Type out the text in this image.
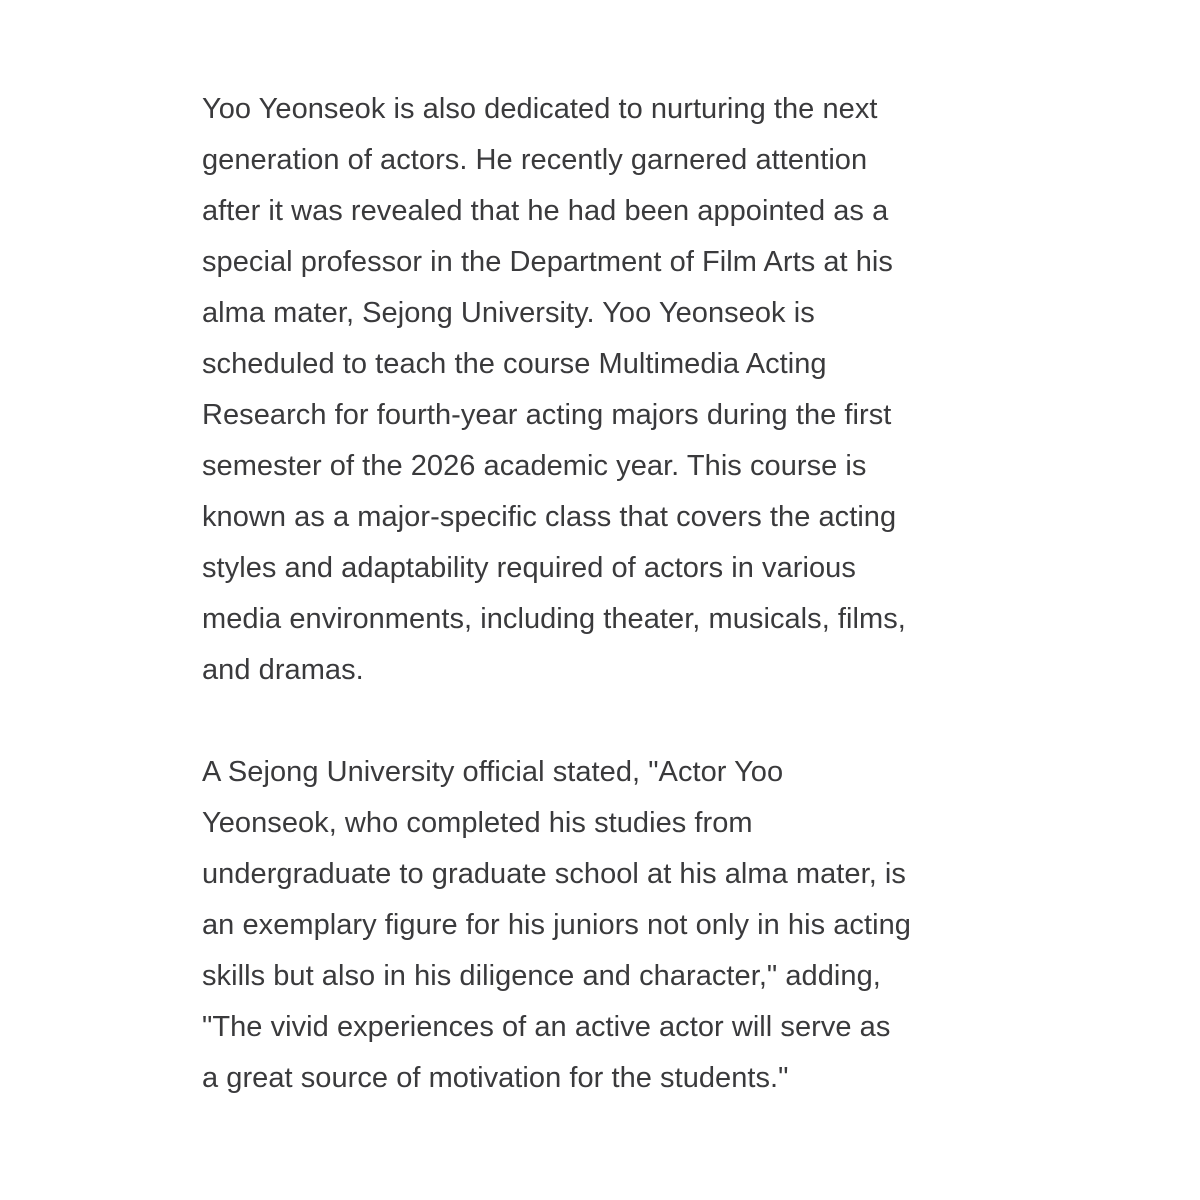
Yoo Yeonseok is also dedicated to nurturing the next
generation of actors. He recently garnered attention
after it was revealed that he had been appointed as a
special professor in the Department of Film Arts at his
alma mater, Sejong University. Yoo Yeonseok is
scheduled to teach the course Multimedia Acting
Research for fourth-year acting majors during the first
semester of the 2026 academic year. This course is
known as a major-specific class that covers the acting
styles and adaptability required of actors in various
media environments, including theater, musicals, films,
and dramas.

A Sejong University official stated, "Actor Yoo
Yeonseok, who completed his studies from
undergraduate to graduate school at his alma mater, is
an exemplary figure for his juniors not only in his acting
skills but also in his diligence and character," adding,
"The vivid experiences of an active actor will serve as
a great source of motivation for the students."
